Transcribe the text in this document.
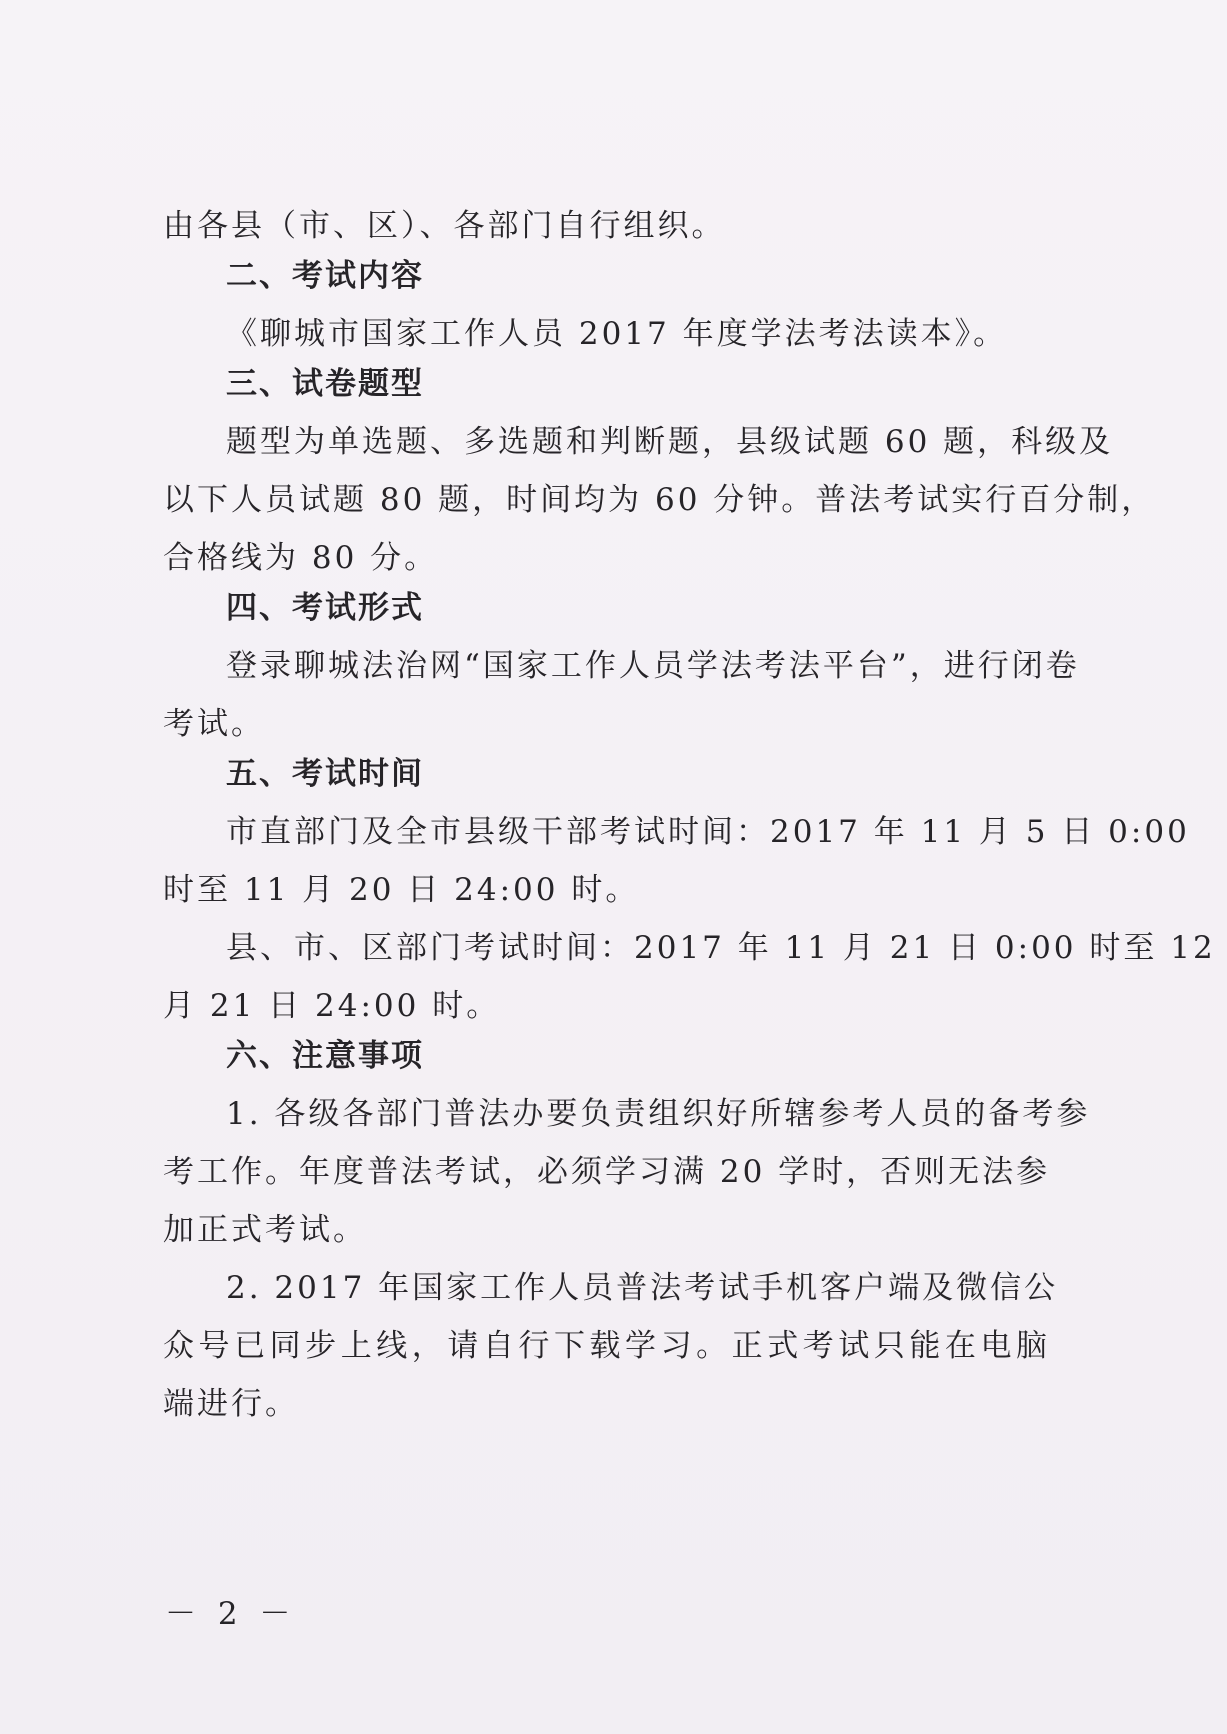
由各县（市、区）、各部门自行组织。
二、考试内容
《聊城市国家工作人员 2017 年度学法考法读本》。
三、试卷题型
题型为单选题、多选题和判断题，县级试题 60 题，科级及
以下人员试题 80 题，时间均为 60 分钟。普法考试实行百分制，
合格线为 80 分。
四、考试形式
登录聊城法治网“国家工作人员学法考法平台”，进行闭卷
考试。
五、考试时间
市直部门及全市县级干部考试时间：2017 年 11 月 5 日 0:00
时至 11 月 20 日 24:00 时。
县、市、区部门考试时间：2017 年 11 月 21 日 0:00 时至 12
月 21 日 24:00 时。
六、注意事项
1. 各级各部门普法办要负责组织好所辖参考人员的备考参
考工作。年度普法考试，必须学习满 20 学时，否则无法参
加正式考试。
2. 2017 年国家工作人员普法考试手机客户端及微信公
众号已同步上线，请自行下载学习。正式考试只能在电脑
端进行。
－ 2 －
